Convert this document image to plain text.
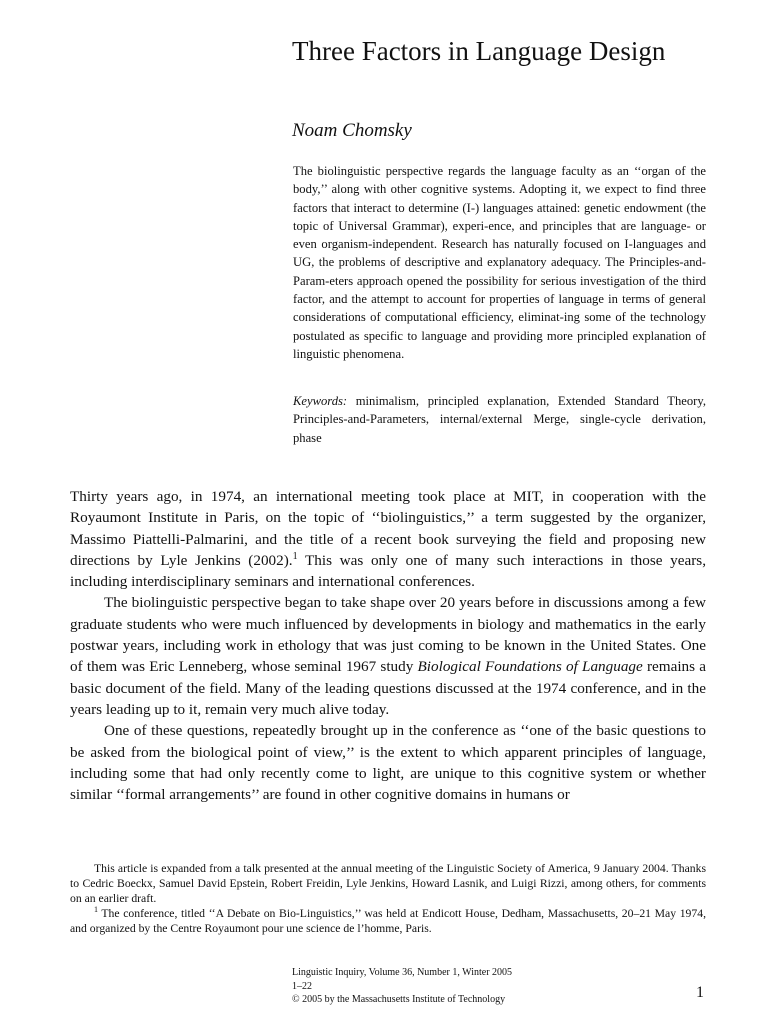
Three Factors in Language Design

Noam Chomsky

The biolinguistic perspective regards the language faculty as an ‘‘organ of the body,’’ along with other cognitive systems. Adopting it, we expect to find three factors that interact to determine (I-) languages attained: genetic endowment (the topic of Universal Grammar), experi-ence, and principles that are language- or even organism-independent. Research has naturally focused on I-languages and UG, the problems of descriptive and explanatory adequacy. The Principles-and-Param-eters approach opened the possibility for serious investigation of the third factor, and the attempt to account for properties of language in terms of general considerations of computational efficiency, eliminat-ing some of the technology postulated as specific to language and providing more principled explanation of linguistic phenomena.

Keywords: minimalism, principled explanation, Extended Standard Theory, Principles-and-Parameters, internal/external Merge, single-cycle derivation, phase

Thirty years ago, in 1974, an international meeting took place at MIT, in cooperation with the Royaumont Institute in Paris, on the topic of ‘‘biolinguistics,’’ a term suggested by the organizer, Massimo Piattelli-Palmarini, and the title of a recent book surveying the field and proposing new directions by Lyle Jenkins (2002).$^1$ This was only one of many such interactions in those years, including interdisciplinary seminars and international conferences.

The biolinguistic perspective began to take shape over 20 years before in discussions among a few graduate students who were much influenced by developments in biology and mathematics in the early postwar years, including work in ethology that was just coming to be known in the United States. One of them was Eric Lenneberg, whose seminal 1967 study Biological Foundations of Language remains a basic document of the field. Many of the leading questions discussed at the 1974 conference, and in the years leading up to it, remain very much alive today.

One of these questions, repeatedly brought up in the conference as ‘‘one of the basic questions to be asked from the biological point of view,’’ is the extent to which apparent principles of language, including some that had only recently come to light, are unique to this cognitive system or whether similar ‘‘formal arrangements’’ are found in other cognitive domains in humans or

This article is expanded from a talk presented at the annual meeting of the Linguistic Society of America, 9 January 2004. Thanks to Cedric Boeckx, Samuel David Epstein, Robert Freidin, Lyle Jenkins, Howard Lasnik, and Luigi Rizzi, among others, for comments on an earlier draft.

$^1$ The conference, titled ‘‘A Debate on Bio-Linguistics,’’ was held at Endicott House, Dedham, Massachusetts, 20–21 May 1974, and organized by the Centre Royaumont pour une science de l’homme, Paris.

Linguistic Inquiry, Volume 36, Number 1, Winter 2005
1–22
© 2005 by the Massachusetts Institute of Technology	1
